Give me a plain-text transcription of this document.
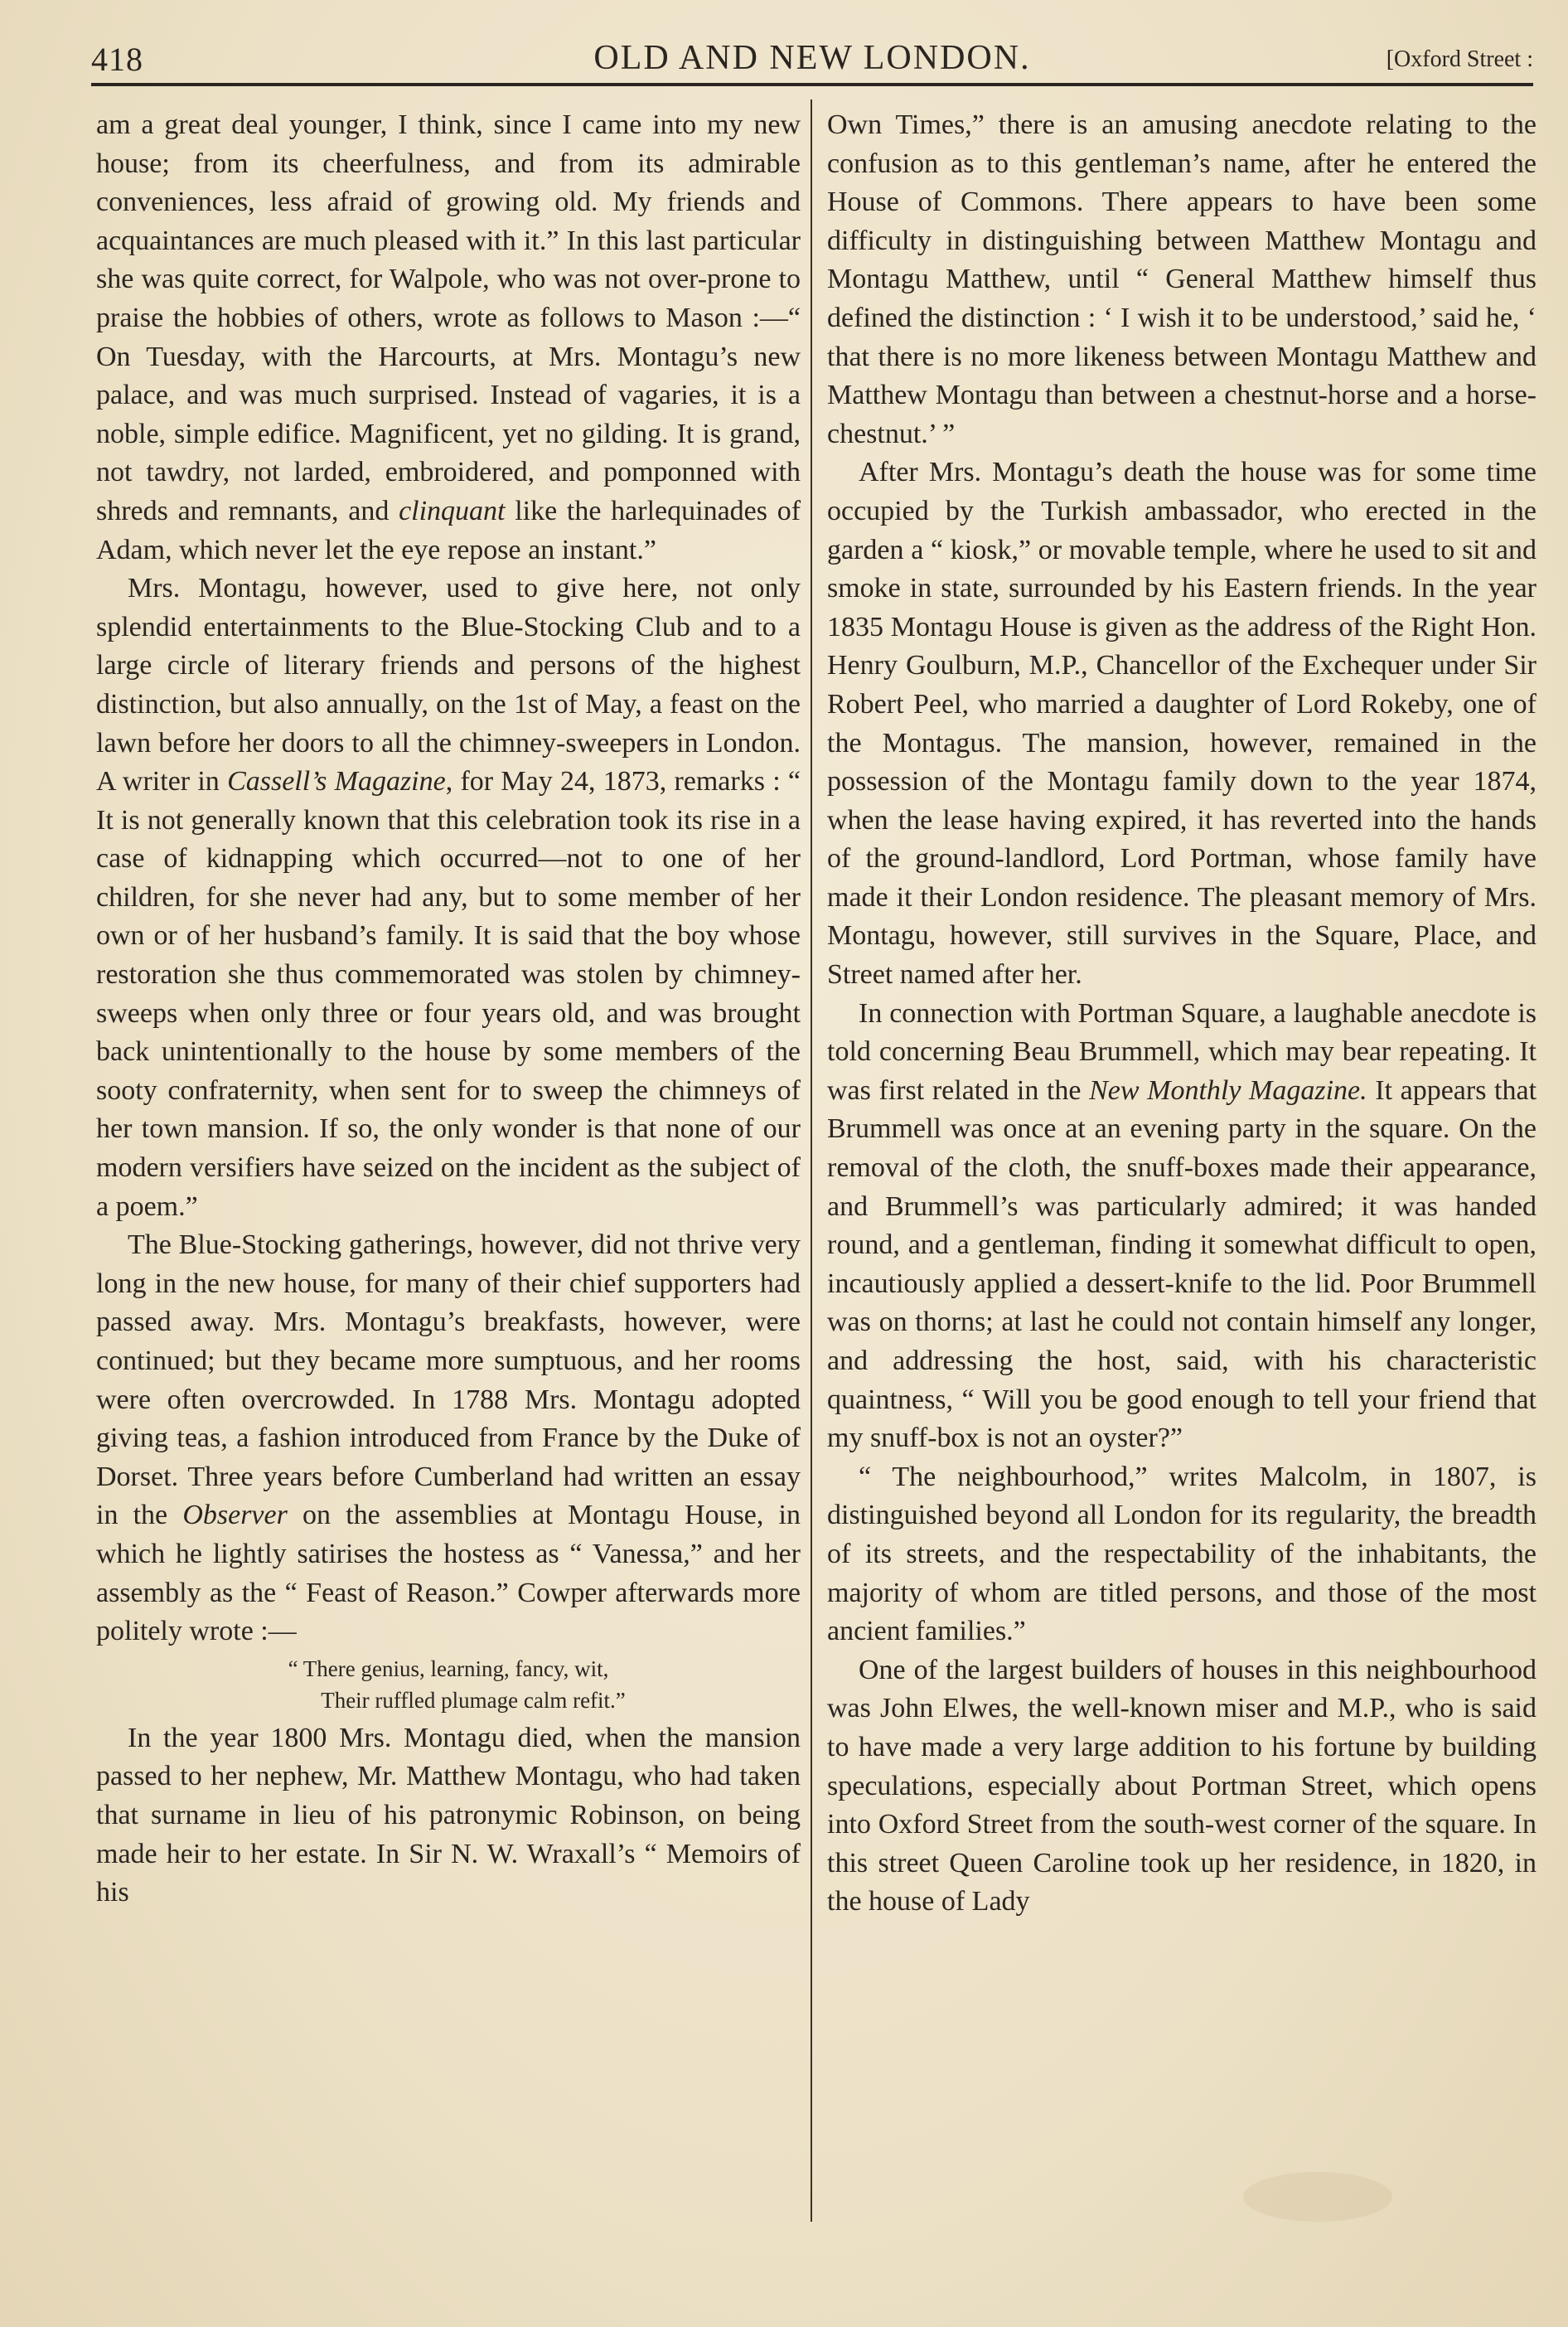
418	OLD AND NEW LONDON.	[Oxford Street :

am a great deal younger, I think, since I came into my new house; from its cheerfulness, and from its admirable conveniences, less afraid of growing old. My friends and acquaintances are much pleased with it.” In this last particular she was quite correct, for Walpole, who was not over-prone to praise the hobbies of others, wrote as follows to Mason :—“ On Tuesday, with the Harcourts, at Mrs. Montagu’s new palace, and was much surprised. Instead of vagaries, it is a noble, simple edifice. Magnificent, yet no gilding. It is grand, not tawdry, not larded, embroidered, and pomponned with shreds and remnants, and clinquant like the harlequinades of Adam, which never let the eye repose an instant.”

Mrs. Montagu, however, used to give here, not only splendid entertainments to the Blue-Stocking Club and to a large circle of literary friends and persons of the highest distinction, but also annually, on the 1st of May, a feast on the lawn before her doors to all the chimney-sweepers in London. A writer in Cassell’s Magazine, for May 24, 1873, remarks : “ It is not generally known that this celebration took its rise in a case of kidnapping which occurred—not to one of her children, for she never had any, but to some member of her own or of her husband’s family. It is said that the boy whose restoration she thus commemorated was stolen by chimney-sweeps when only three or four years old, and was brought back unintentionally to the house by some members of the sooty confraternity, when sent for to sweep the chimneys of her town mansion. If so, the only wonder is that none of our modern versifiers have seized on the incident as the subject of a poem.”

The Blue-Stocking gatherings, however, did not thrive very long in the new house, for many of their chief supporters had passed away. Mrs. Montagu’s breakfasts, however, were continued; but they became more sumptuous, and her rooms were often overcrowded. In 1788 Mrs. Montagu adopted giving teas, a fashion introduced from France by the Duke of Dorset. Three years before Cumberland had written an essay in the Observer on the assemblies at Montagu House, in which he lightly satirises the hostess as “ Vanessa,” and her assembly as the “ Feast of Reason.” Cowper afterwards more politely wrote :—

“ There genius, learning, fancy, wit,
Their ruffled plumage calm refit.”

In the year 1800 Mrs. Montagu died, when the mansion passed to her nephew, Mr. Matthew Montagu, who had taken that surname in lieu of his patronymic Robinson, on being made heir to her estate. In Sir N. W. Wraxall’s “ Memoirs of his

Own Times,” there is an amusing anecdote relating to the confusion as to this gentleman’s name, after he entered the House of Commons. There appears to have been some difficulty in distinguishing between Matthew Montagu and Montagu Matthew, until “ General Matthew himself thus defined the distinction : ‘ I wish it to be understood,’ said he, ‘ that there is no more likeness between Montagu Matthew and Matthew Montagu than between a chestnut-horse and a horse-chestnut.’ ”

After Mrs. Montagu’s death the house was for some time occupied by the Turkish ambassador, who erected in the garden a “ kiosk,” or movable temple, where he used to sit and smoke in state, surrounded by his Eastern friends. In the year 1835 Montagu House is given as the address of the Right Hon. Henry Goulburn, M.P., Chancellor of the Exchequer under Sir Robert Peel, who married a daughter of Lord Rokeby, one of the Montagus. The mansion, however, remained in the possession of the Montagu family down to the year 1874, when the lease having expired, it has reverted into the hands of the ground-landlord, Lord Portman, whose family have made it their London residence. The pleasant memory of Mrs. Montagu, however, still survives in the Square, Place, and Street named after her.

In connection with Portman Square, a laughable anecdote is told concerning Beau Brummell, which may bear repeating. It was first related in the New Monthly Magazine. It appears that Brummell was once at an evening party in the square. On the removal of the cloth, the snuff-boxes made their appearance, and Brummell’s was particularly admired; it was handed round, and a gentleman, finding it somewhat difficult to open, incautiously applied a dessert-knife to the lid. Poor Brummell was on thorns; at last he could not contain himself any longer, and addressing the host, said, with his characteristic quaintness, “ Will you be good enough to tell your friend that my snuff-box is not an oyster?”

“ The neighbourhood,” writes Malcolm, in 1807, is distinguished beyond all London for its regularity, the breadth of its streets, and the respectability of the inhabitants, the majority of whom are titled persons, and those of the most ancient families.”

One of the largest builders of houses in this neighbourhood was John Elwes, the well-known miser and M.P., who is said to have made a very large addition to his fortune by building speculations, especially about Portman Street, which opens into Oxford Street from the south-west corner of the square. In this street Queen Caroline took up her residence, in 1820, in the house of Lady
